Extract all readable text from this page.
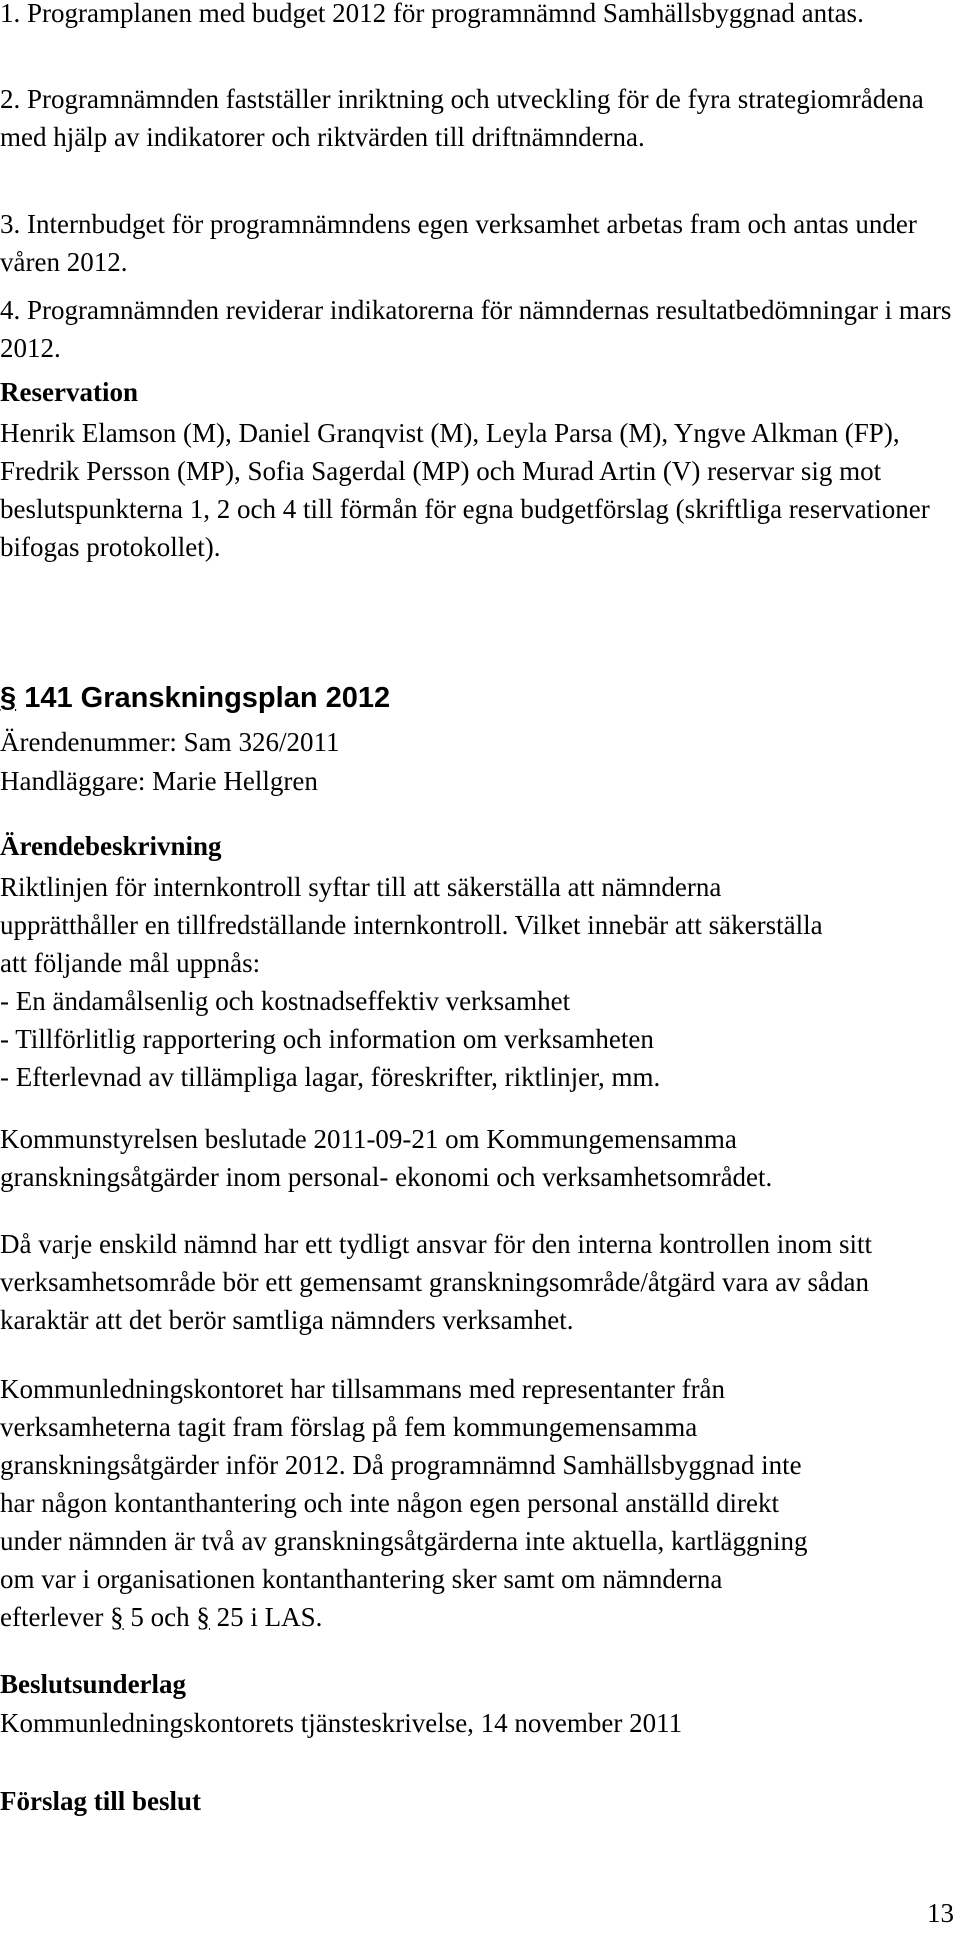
1. Programplanen med budget 2012 för programnämnd Samhällsbyggnad antas.

2. Programnämnden fastställer inriktning och utveckling för de fyra strategiområdena med hjälp av indikatorer och riktvärden till driftnämnderna.

3. Internbudget för programnämndens egen verksamhet arbetas fram och antas under våren 2012.

4. Programnämnden reviderar indikatorerna för nämndernas resultatbedömningar i mars 2012.

Reservation

Henrik Elamson (M), Daniel Granqvist (M), Leyla Parsa (M), Yngve Alkman (FP), Fredrik Persson (MP), Sofia Sagerdal (MP) och Murad Artin (V) reservar sig mot beslutspunkterna 1, 2 och 4 till förmån för egna budgetförslag (skriftliga reservationer bifogas protokollet).

§ 141 Granskningsplan 2012

Ärendenummer: Sam 326/2011

Handläggare: Marie Hellgren

Ärendebeskrivning

Riktlinjen för internkontroll syftar till att säkerställa att nämnderna
upprätthåller en tillfredställande internkontroll. Vilket innebär att säkerställa
att följande mål uppnås:
- En ändamålsenlig och kostnadseffektiv verksamhet
- Tillförlitlig rapportering och information om verksamheten
- Efterlevnad av tillämpliga lagar, föreskrifter, riktlinjer, mm.

Kommunstyrelsen beslutade 2011-09-21 om Kommungemensamma granskningsåtgärder inom personal- ekonomi och verksamhetsområdet.

Då varje enskild nämnd har ett tydligt ansvar för den interna kontrollen inom sitt verksamhetsområde bör ett gemensamt granskningsområde/åtgärd vara av sådan karaktär att det berör samtliga nämnders verksamhet.

Kommunledningskontoret har tillsammans med representanter från
verksamheterna tagit fram förslag på fem kommungemensamma
granskningsåtgärder inför 2012. Då programnämnd Samhällsbyggnad inte
har någon kontanthantering och inte någon egen personal anställd direkt
under nämnden är två av granskningsåtgärderna inte aktuella, kartläggning
om var i organisationen kontanthantering sker samt om nämnderna
efterlever § 5 och § 25 i LAS.

Beslutsunderlag

Kommunledningskontorets tjänsteskrivelse, 14 november 2011

Förslag till beslut

13
